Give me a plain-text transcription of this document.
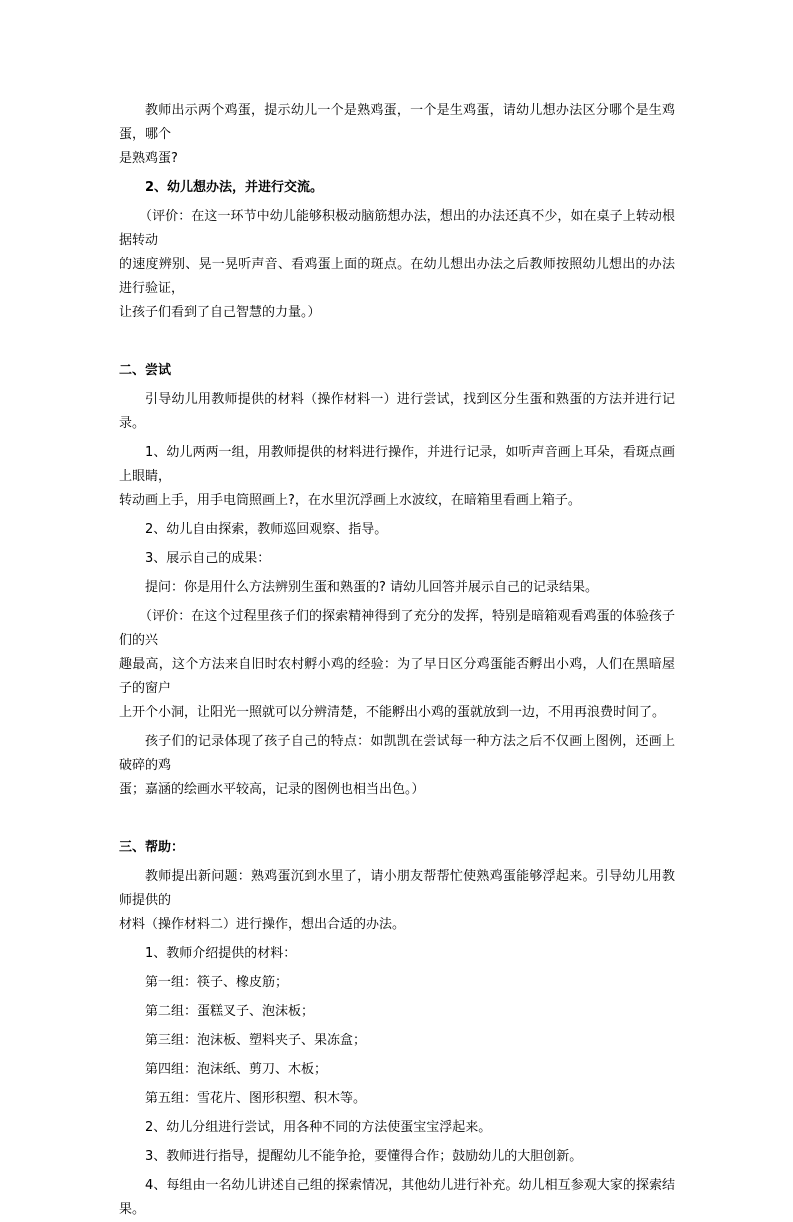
教师出示两个鸡蛋，提示幼儿一个是熟鸡蛋，一个是生鸡蛋，请幼儿想办法区分哪个是生鸡蛋，哪个

是熟鸡蛋?

2、幼儿想办法，并进行交流。

（评价：在这一环节中幼儿能够积极动脑筋想办法，想出的办法还真不少，如在桌子上转动根据转动

的速度辨别、晃一晃听声音、看鸡蛋上面的斑点。在幼儿想出办法之后教师按照幼儿想出的办法进行验证，
让孩子们看到了自己智慧的力量。）

二、尝试

引导幼儿用教师提供的材料（操作材料一）进行尝试，找到区分生蛋和熟蛋的方法并进行记录。

1、幼儿两两一组，用教师提供的材料进行操作，并进行记录，如听声音画上耳朵，看斑点画上眼睛，

转动画上手，用手电筒照画上?，在水里沉浮画上水波纹，在暗箱里看画上箱子。

2、幼儿自由探索，教师巡回观察、指导。

3、展示自己的成果：

提问：你是用什么方法辨别生蛋和熟蛋的? 请幼儿回答并展示自己的记录结果。

（评价：在这个过程里孩子们的探索精神得到了充分的发挥，特别是暗箱观看鸡蛋的体验孩子们的兴

趣最高，这个方法来自旧时农村孵小鸡的经验：为了早日区分鸡蛋能否孵出小鸡，人们在黑暗屋子的窗户
上开个小洞，让阳光一照就可以分辨清楚，不能孵出小鸡的蛋就放到一边，不用再浪费时间了。

孩子们的记录体现了孩子自己的特点：如凯凯在尝试每一种方法之后不仅画上图例，还画上破碎的鸡

蛋；嘉涵的绘画水平较高，记录的图例也相当出色。）

三、帮助：

教师提出新问题：熟鸡蛋沉到水里了，请小朋友帮帮忙使熟鸡蛋能够浮起来。引导幼儿用教师提供的

材料（操作材料二）进行操作，想出合适的办法。

1、教师介绍提供的材料：

第一组：筷子、橡皮筋；

第二组：蛋糕叉子、泡沫板；

第三组：泡沫板、塑料夹子、果冻盒；

第四组：泡沫纸、剪刀、木板；

第五组：雪花片、图形积塑、积木等。

2、幼儿分组进行尝试，用各种不同的方法使蛋宝宝浮起来。

3、教师进行指导，提醒幼儿不能争抢，要懂得合作；鼓励幼儿的大胆创新。

4、每组由一名幼儿讲述自己组的探索情况，其他幼儿进行补充。幼儿相互参观大家的探索结果。
